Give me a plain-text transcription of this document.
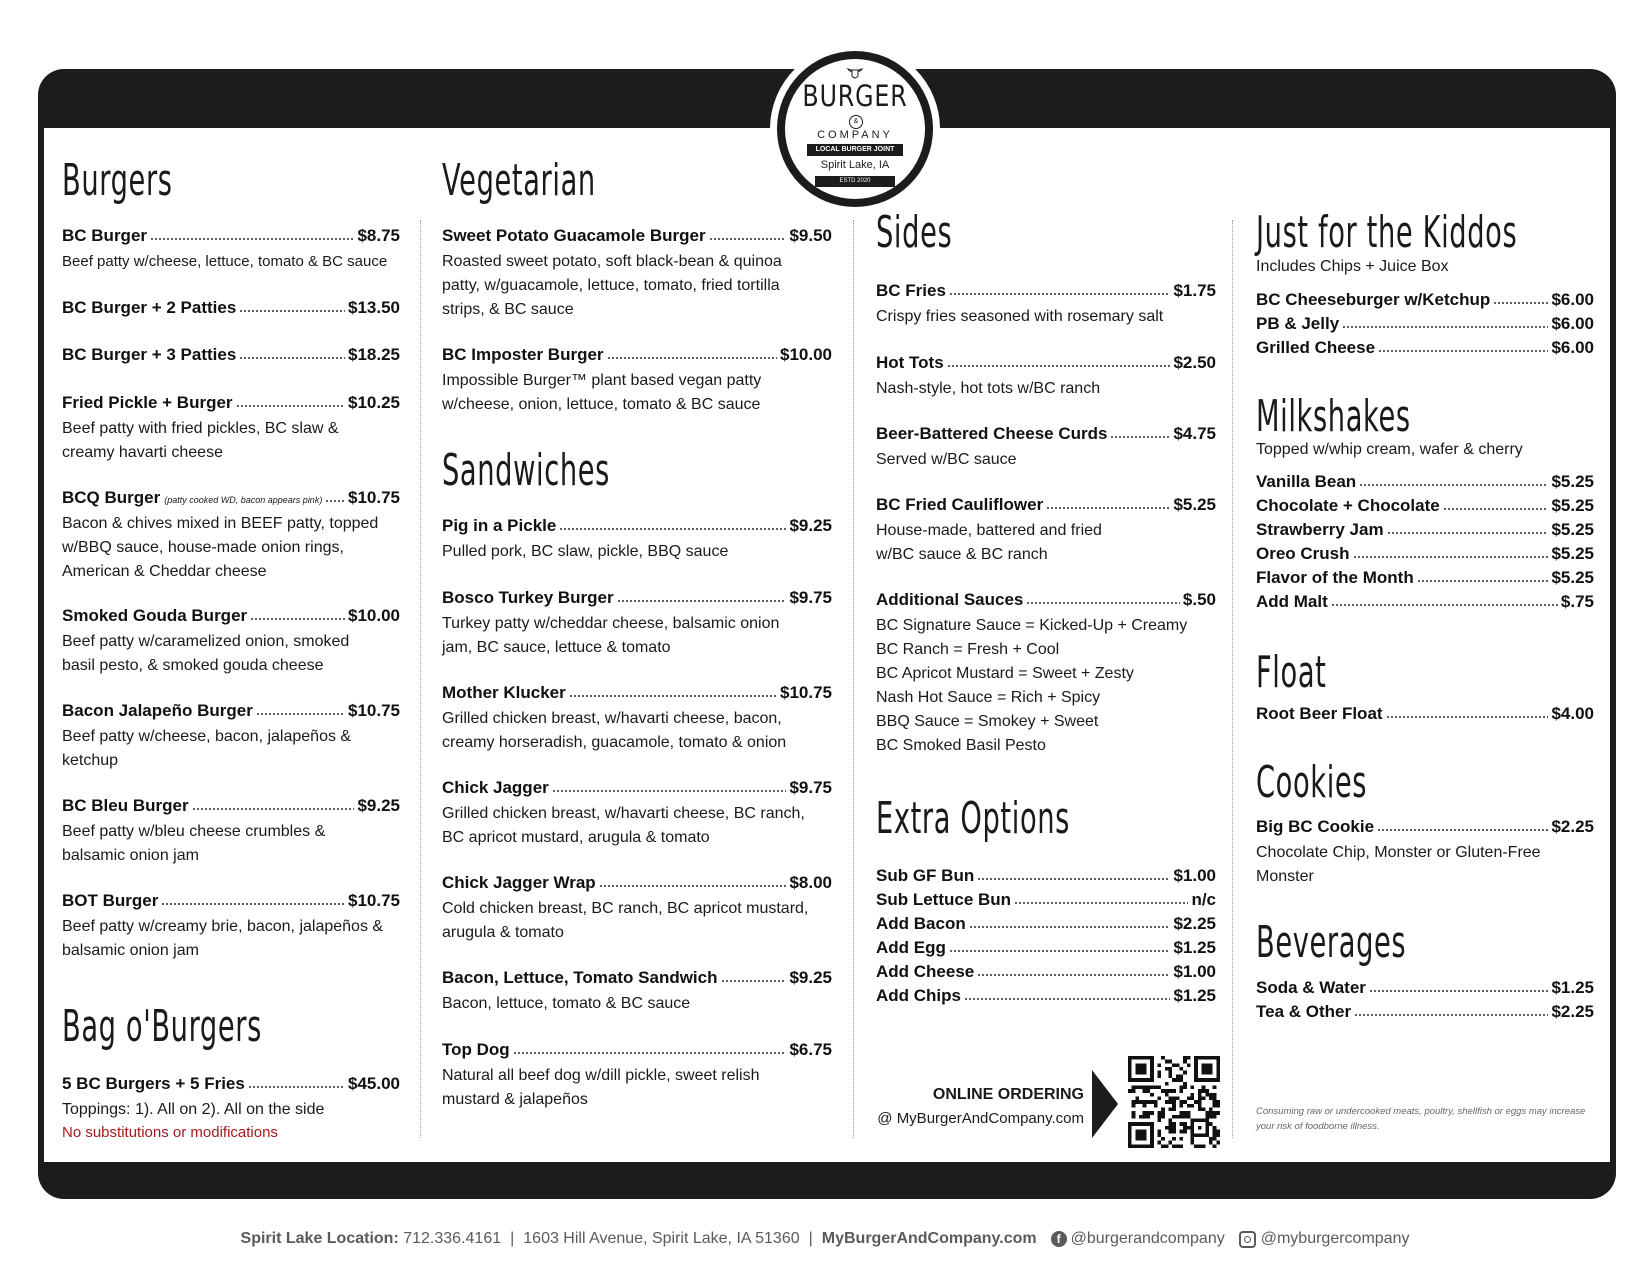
BURGER
&
COMPANY
LOCAL BURGER JOINT
Spirit Lake, IA
ESTD 2020
Burgers
BC Burger	$8.75
Beef patty w/cheese, lettuce, tomato & BC sauce
BC Burger + 2 Patties	$13.50
BC Burger + 3 Patties	$18.25
Fried Pickle + Burger	$10.25
Beef patty with fried pickles, BC slaw & creamy havarti cheese
BCQ Burger (patty cooked WD, bacon appears pink) $10.75
Bacon & chives mixed in BEEF patty, topped w/BBQ sauce, house-made onion rings, American & Cheddar cheese
Smoked Gouda Burger	$10.00
Beef patty w/caramelized onion, smoked basil pesto, & smoked gouda cheese
Bacon Jalapeño Burger	$10.75
Beef patty w/cheese, bacon, jalapeños & ketchup
BC Bleu Burger	$9.25
Beef patty w/bleu cheese crumbles & balsamic onion jam
BOT Burger	$10.75
Beef patty w/creamy brie, bacon, jalapeños & balsamic onion jam
Bag o'Burgers
5 BC Burgers + 5 Fries	$45.00
Toppings: 1). All on 2). All on the side
No substitutions or modifications
Vegetarian
Sweet Potato Guacamole Burger	$9.50
Roasted sweet potato, soft black-bean & quinoa patty, w/guacamole, lettuce, tomato, fried tortilla strips, & BC sauce
BC Imposter Burger	$10.00
Impossible Burger™ plant based vegan patty w/cheese, onion, lettuce, tomato & BC sauce
Sandwiches
Pig in a Pickle	$9.25
Pulled pork, BC slaw, pickle, BBQ sauce
Bosco Turkey Burger	$9.75
Turkey patty w/cheddar cheese, balsamic onion jam, BC sauce, lettuce & tomato
Mother Klucker	$10.75
Grilled chicken breast, w/havarti cheese, bacon, creamy horseradish, guacamole, tomato & onion
Chick Jagger	$9.75
Grilled chicken breast, w/havarti cheese, BC ranch, BC apricot mustard, arugula & tomato
Chick Jagger Wrap	$8.00
Cold chicken breast, BC ranch, BC apricot mustard, arugula & tomato
Bacon, Lettuce, Tomato Sandwich	$9.25
Bacon, lettuce, tomato & BC sauce
Top Dog	$6.75
Natural all beef dog w/dill pickle, sweet relish mustard & jalapeños
Sides
BC Fries	$1.75
Crispy fries seasoned with rosemary salt
Hot Tots	$2.50
Nash-style, hot tots w/BC ranch
Beer-Battered Cheese Curds	$4.75
Served w/BC sauce
BC Fried Cauliflower	$5.25
House-made, battered and fried w/BC sauce & BC ranch
Additional Sauces	$.50
BC Signature Sauce = Kicked-Up + Creamy
BC Ranch = Fresh + Cool
BC Apricot Mustard = Sweet + Zesty
Nash Hot Sauce = Rich + Spicy
BBQ Sauce = Smokey + Sweet
BC Smoked Basil Pesto
Extra Options
Sub GF Bun	$1.00
Sub Lettuce Bun	n/c
Add Bacon	$2.25
Add Egg	$1.25
Add Cheese	$1.00
Add Chips	$1.25
ONLINE ORDERING
@ MyBurgerAndCompany.com
Just for the Kiddos
Includes Chips + Juice Box
BC Cheeseburger w/Ketchup	$6.00
PB & Jelly	$6.00
Grilled Cheese	$6.00
Milkshakes
Topped w/whip cream, wafer & cherry
Vanilla Bean	$5.25
Chocolate + Chocolate	$5.25
Strawberry Jam	$5.25
Oreo Crush	$5.25
Flavor of the Month	$5.25
Add Malt	$.75
Float
Root Beer Float	$4.00
Cookies
Big BC Cookie	$2.25
Chocolate Chip, Monster or Gluten-Free Monster
Beverages
Soda & Water	$1.25
Tea & Other	$2.25
Consuming raw or undercooked meats, poultry, shellfish or eggs may increase your risk of foodborne illness.
Spirit Lake Location:
712.336.4161 | 1603 Hill Avenue, Spirit Lake, IA 51360 | MyBurgerAndCompany.com	f @burgerandcompany @myburgercompany
